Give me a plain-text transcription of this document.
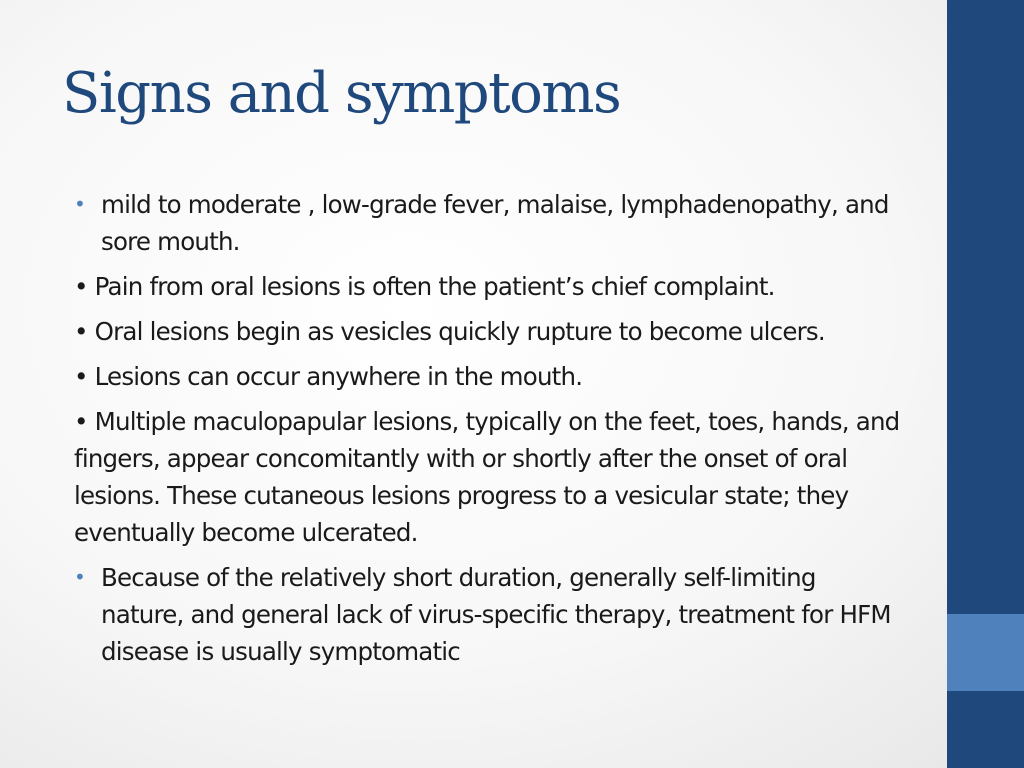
Signs and symptoms
• mild to moderate , low-grade fever, malaise, lymphadenopathy, and sore mouth.

• Pain from oral lesions is often the patient’s chief complaint.

• Oral lesions begin as vesicles quickly rupture to become ulcers.

• Lesions can occur anywhere in the mouth.

• Multiple maculopapular lesions, typically on the feet, toes, hands, and fingers, appear concomitantly with or shortly after the onset of oral lesions. These cutaneous lesions progress to a vesicular state; they eventually become ulcerated.

• Because of the relatively short duration, generally self-limiting nature, and general lack of virus-specific therapy, treatment for HFM disease is usually symptomatic
